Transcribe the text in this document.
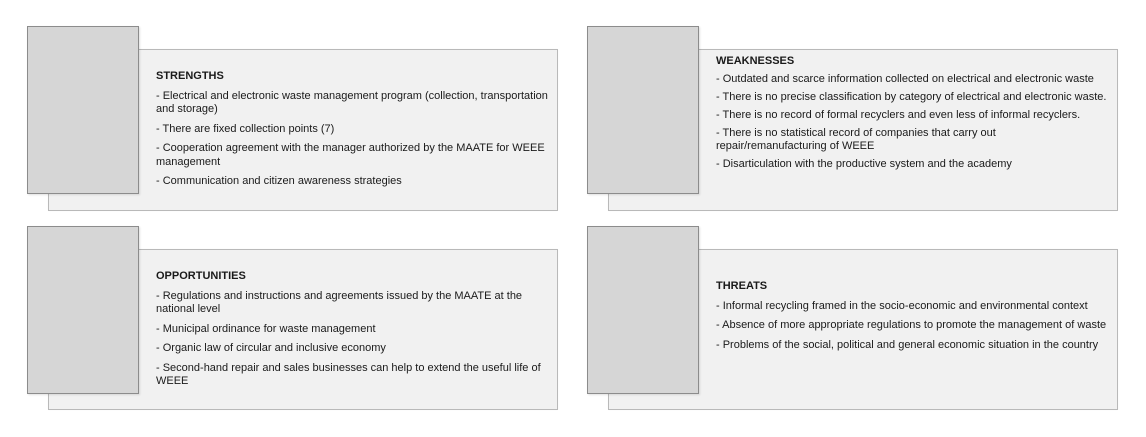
STRENGTHS
- Electrical and electronic waste management program (collection, transportation and storage)
- There are fixed collection points (7)
- Cooperation agreement with the manager authorized by the MAATE for WEEE management
- Communication and citizen awareness strategies
WEAKNESSES
- Outdated and scarce information collected on electrical and electronic waste
- There is no precise classification by category of electrical and electronic waste.
- There is no record of formal recyclers and even less of informal recyclers.
- There is no statistical record of companies that carry out repair/remanufacturing of WEEE
- Disarticulation with the productive system and the academy
OPPORTUNITIES
- Regulations and instructions and agreements issued by the MAATE at the national level
- Municipal ordinance for waste management
- Organic law of circular and inclusive economy
- Second-hand repair and sales businesses can help to extend the useful life of WEEE
THREATS
- Informal recycling framed in the socio-economic and environmental context
- Absence of more appropriate regulations to promote the management of waste
- Problems of the social, political and general economic situation in the country
